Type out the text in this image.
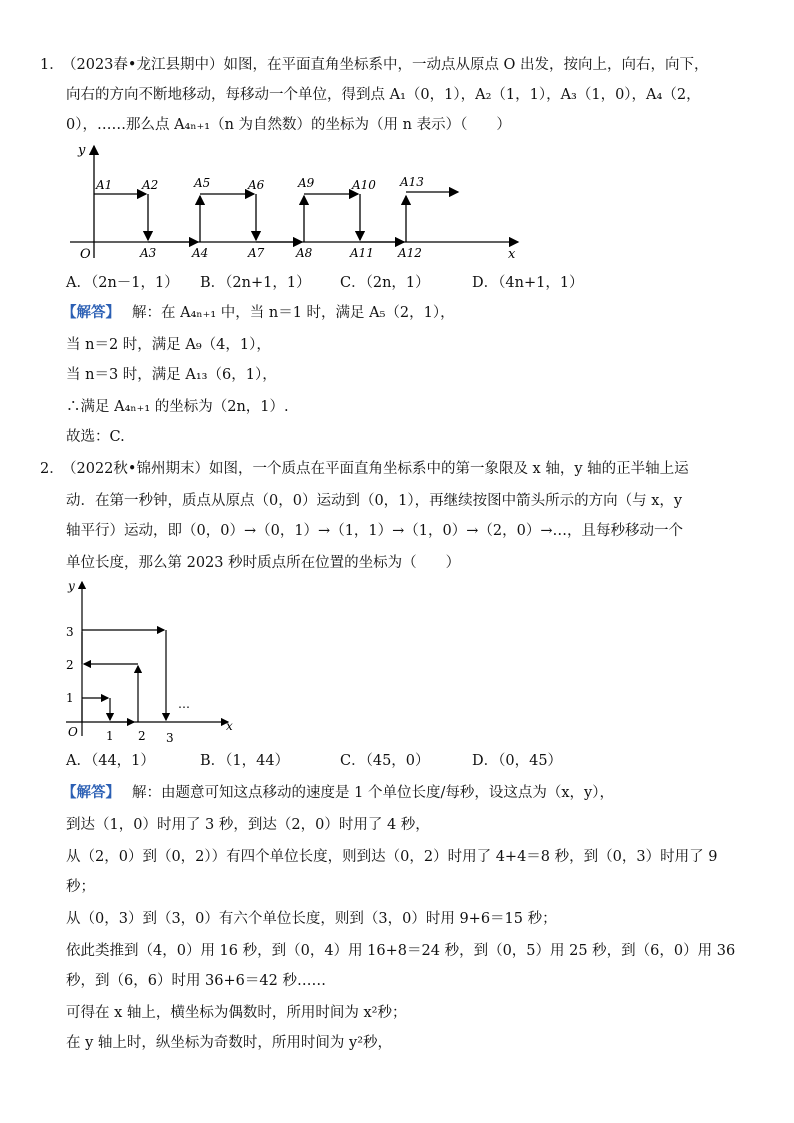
1．
（2023春•龙江县期中）如图，在平面直角坐标系中，一动点从原点 O 出发，按向上，向右，向下，
向右的方向不断地移动，每移动一个单位，得到点 A₁（0，1），A₂（1，1），A₃（1，0），A₄（2，
0），……那么点 A₄ₙ₊₁（n 为自然数）的坐标为（用 n 表示）（　　）
y
x
O
A1 A2
A3	A4
A5	A6
A7	A8
A9	A10
A11 A12
A13
A．（2n－1，1） B．（2n+1，1） C．（2n，1）	D．（4n+1，1）
【解答】 解：在 A₄ₙ₊₁ 中，当 n＝1 时，满足 A₅（2，1），
当 n＝2 时，满足 A₉（4，1），
当 n＝3 时，满足 A₁₃（6，1），
∴满足 A₄ₙ₊₁ 的坐标为（2n，1）.
故选：C.
2．
（2022秋•锦州期末）如图，一个质点在平面直角坐标系中的第一象限及 x 轴，y 轴的正半轴上运
动．在第一秒钟，质点从原点（0，0）运动到（0，1），再继续按图中箭头所示的方向（与 x，y
轴平行）运动，即（0，0）→（0，1）→（1，1）→（1，0）→（2，0）→…，且每秒移动一个
单位长度，那么第 2023 秒时质点所在位置的坐标为（　　）
y
x
O
1
2
3
1 2 3
…
A．（44，1）	B．（1，44）	C．（45，0）	D．（0，45）
【解答】 解：由题意可知这点移动的速度是 1 个单位长度/每秒，设这点为（x，y），
到达（1，0）时用了 3 秒，到达（2，0）时用了 4 秒，
从（2，0）到（0，2））有四个单位长度，则到达（0，2）时用了 4+4＝8 秒，到（0，3）时用了 9
秒；
从（0，3）到（3，0）有六个单位长度，则到（3，0）时用 9+6＝15 秒；
依此类推到（4，0）用 16 秒，到（0，4）用 16+8＝24 秒，到（0，5）用 25 秒，到（6，0）用 36
秒，到（6，6）时用 36+6＝42 秒……
可得在 x 轴上，横坐标为偶数时，所用时间为 x²秒；
在 y 轴上时，纵坐标为奇数时，所用时间为 y²秒，
